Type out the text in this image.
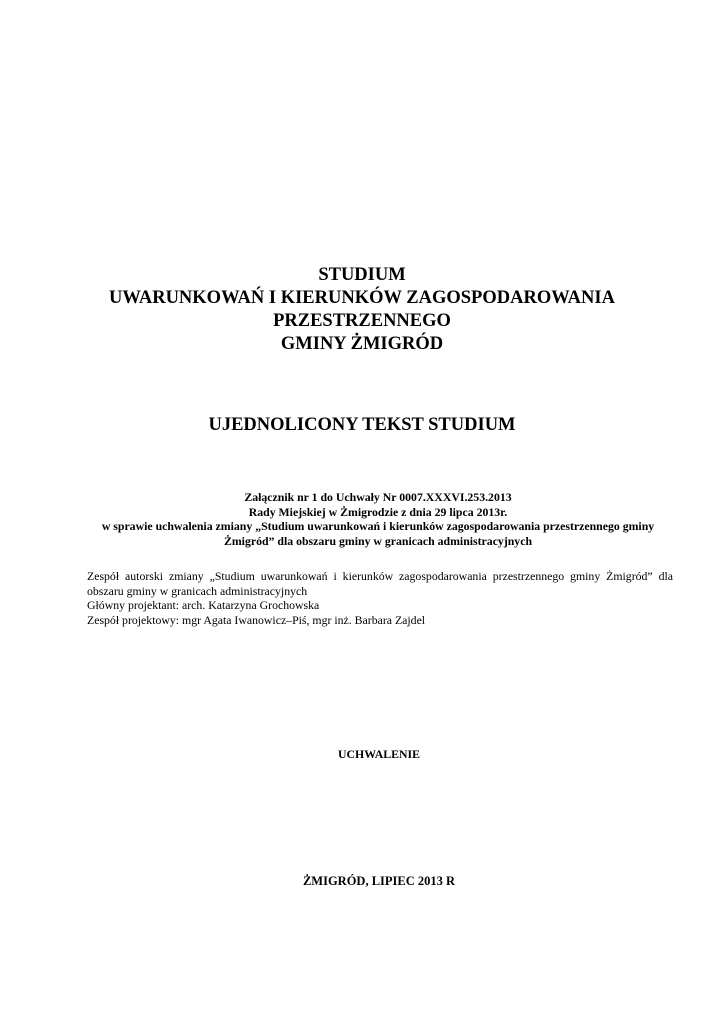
STUDIUM
UWARUNKOWAŃ I KIERUNKÓW ZAGOSPODAROWANIA
PRZESTRZENNEGO
GMINY ŻMIGRÓD
UJEDNOLICONY TEKST STUDIUM
Załącznik nr 1 do Uchwały Nr 0007.XXXVI.253.2013
Rady Miejskiej w Żmigrodzie z dnia 29 lipca 2013r.
w sprawie uchwalenia zmiany „Studium uwarunkowań i kierunków zagospodarowania przestrzennego gminy
Żmigród” dla obszaru gminy w granicach administracyjnych
Zespół autorski zmiany „Studium uwarunkowań i kierunków zagospodarowania przestrzennego gminy Żmigród” dla obszaru gminy w granicach administracyjnych
Główny projektant: arch. Katarzyna Grochowska
Zespół projektowy: mgr Agata Iwanowicz–Piś, mgr inż. Barbara Zajdel
UCHWALENIE
ŻMIGRÓD, LIPIEC 2013 R
